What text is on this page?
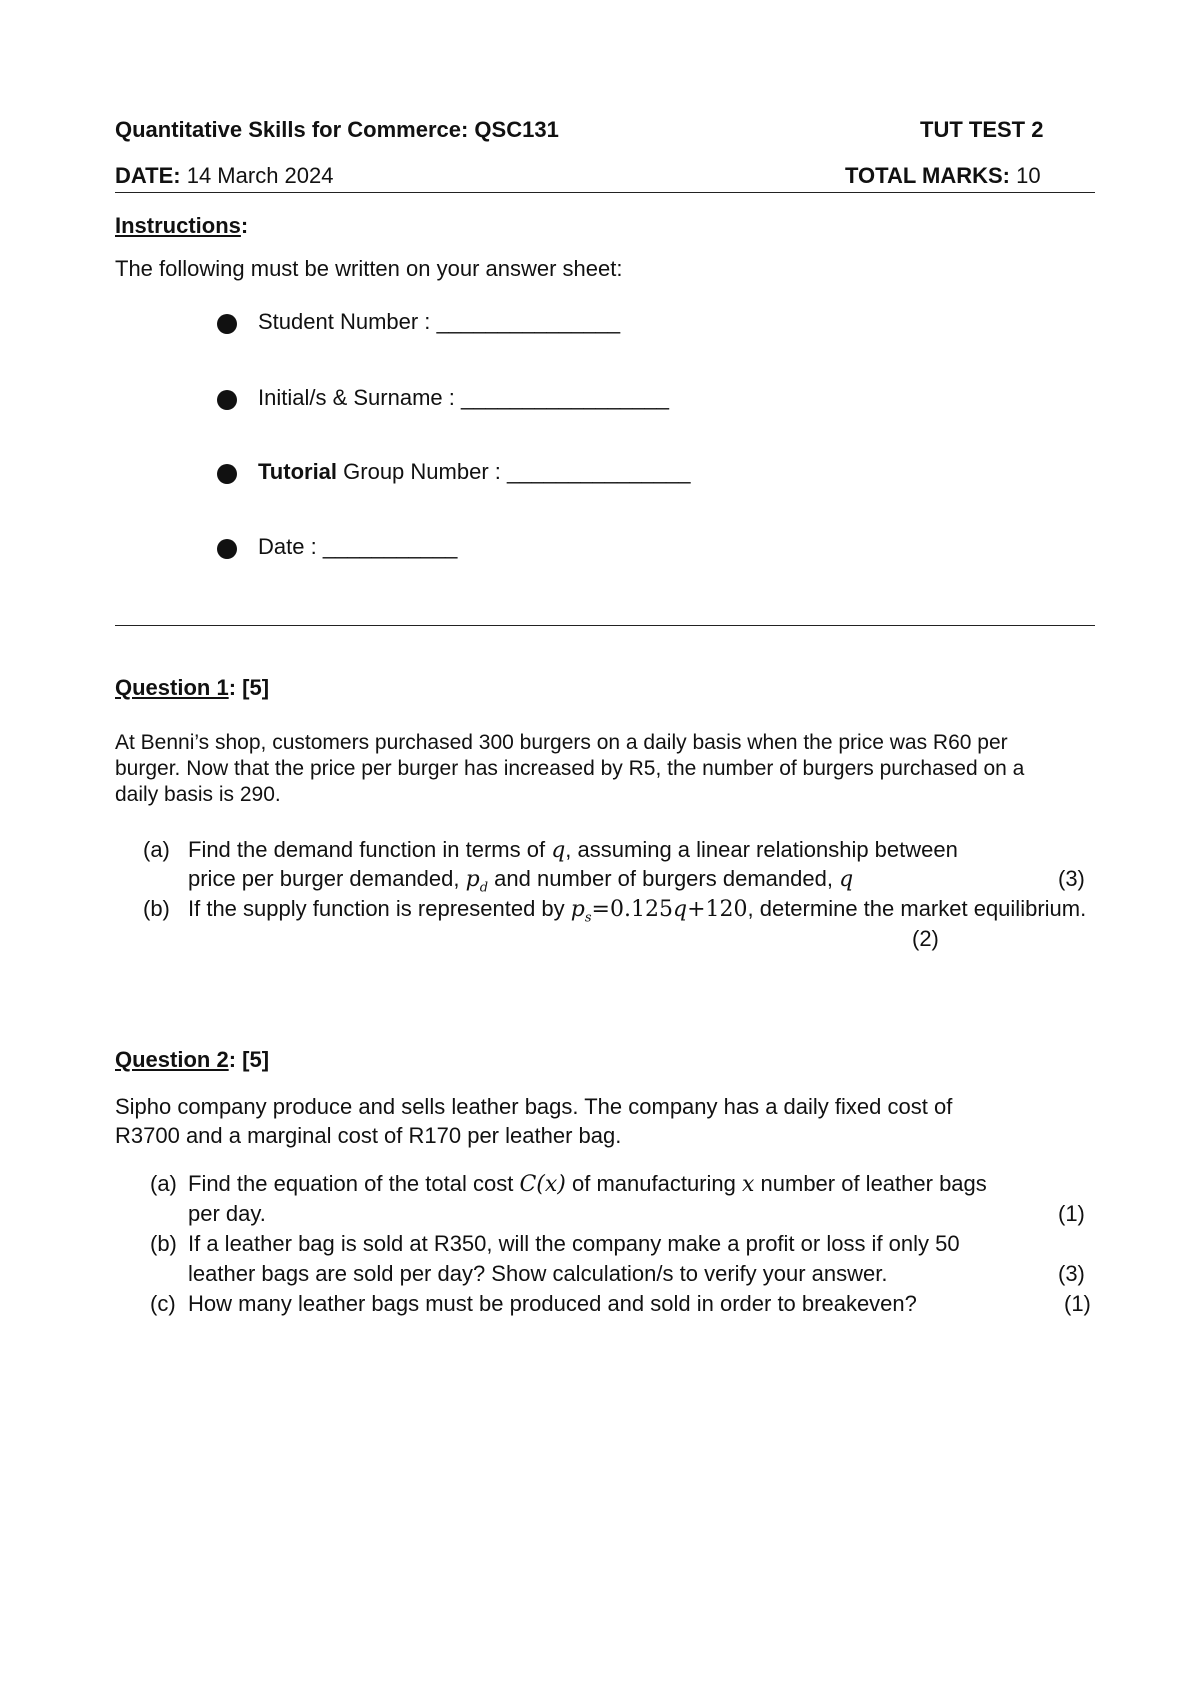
Quantitative Skills for Commerce: QSC131	TUT TEST 2
DATE: 14 March 2024	TOTAL MARKS: 10
Instructions:
The following must be written on your answer sheet:
Student Number : _______________
Initial/s & Surname : _________________
Tutorial Group Number : _______________
Date : ___________
Question 1: [5]
At Benni’s shop, customers purchased 300 burgers on a daily basis when the price was R60 per
burger. Now that the price per burger has increased by R5, the number of burgers purchased on a
daily basis is 290.
(a) Find the demand function in terms of q, assuming a linear relationship between
price per burger demanded, $p_d$ and number of burgers demanded, q	(3)
(b) If the supply function is represented by $p_s=0.125q+120$, determine the market equilibrium.
(2)
Question 2: [5]
Sipho company produce and sells leather bags. The company has a daily fixed cost of
R3700 and a marginal cost of R170 per leather bag.
(a) Find the equation of the total cost C(x) of manufacturing x number of leather bags
per day.	(1)
(b) If a leather bag is sold at R350, will the company make a profit or loss if only 50
leather bags are sold per day? Show calculation/s to verify your answer.	(3)
(c) How many leather bags must be produced and sold in order to breakeven?	(1)
